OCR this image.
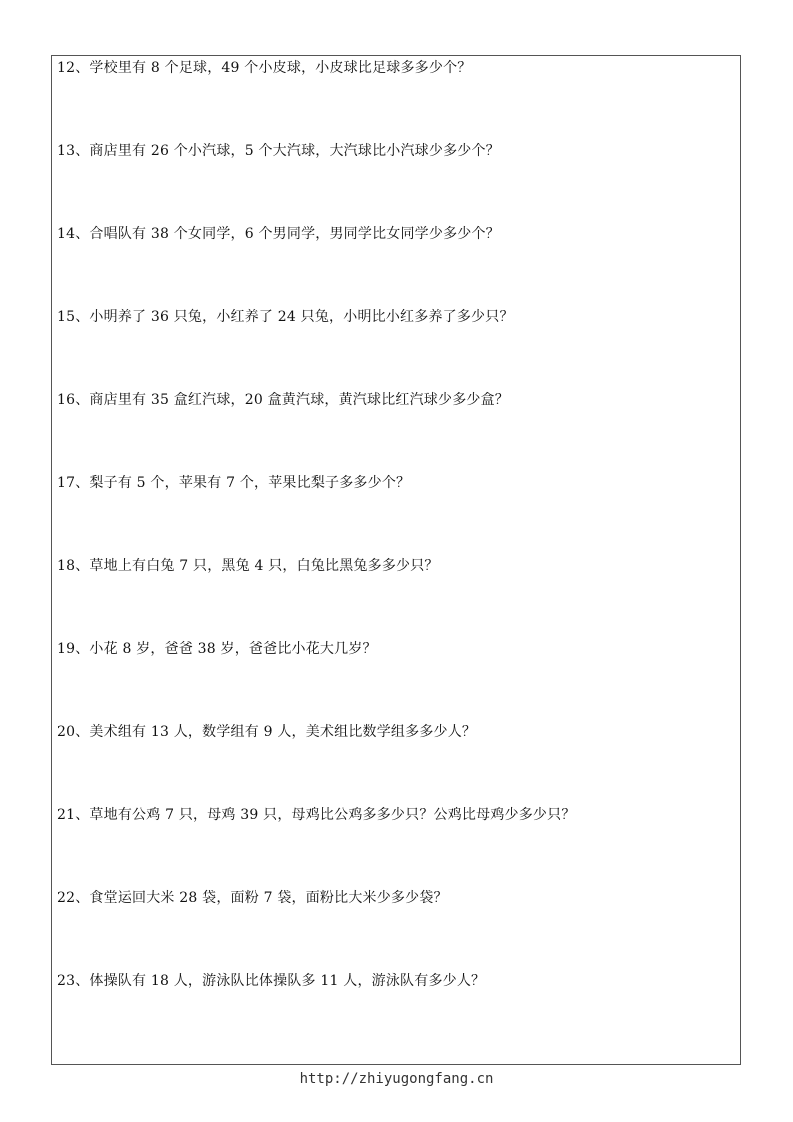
12、学校里有 8 个足球，49 个小皮球，小皮球比足球多多少个？
13、商店里有 26 个小汽球，5 个大汽球，大汽球比小汽球少多少个？
14、合唱队有 38 个女同学，6 个男同学，男同学比女同学少多少个？
15、小明养了 36 只兔，小红养了 24 只兔，小明比小红多养了多少只？
16、商店里有 35 盒红汽球，20 盒黄汽球，黄汽球比红汽球少多少盒？
17、梨子有 5 个，苹果有 7 个，苹果比梨子多多少个？
18、草地上有白兔 7 只，黑兔 4 只，白兔比黑兔多多少只？
19、小花 8 岁，爸爸 38 岁，爸爸比小花大几岁？
20、美术组有 13 人，数学组有 9 人，美术组比数学组多多少人？
21、草地有公鸡 7 只，母鸡 39 只，母鸡比公鸡多多少只？公鸡比母鸡少多少只？
22、食堂运回大米 28 袋，面粉 7 袋，面粉比大米少多少袋？
23、体操队有 18 人，游泳队比体操队多 11 人，游泳队有多少人？
http://zhiyugongfang.cn
